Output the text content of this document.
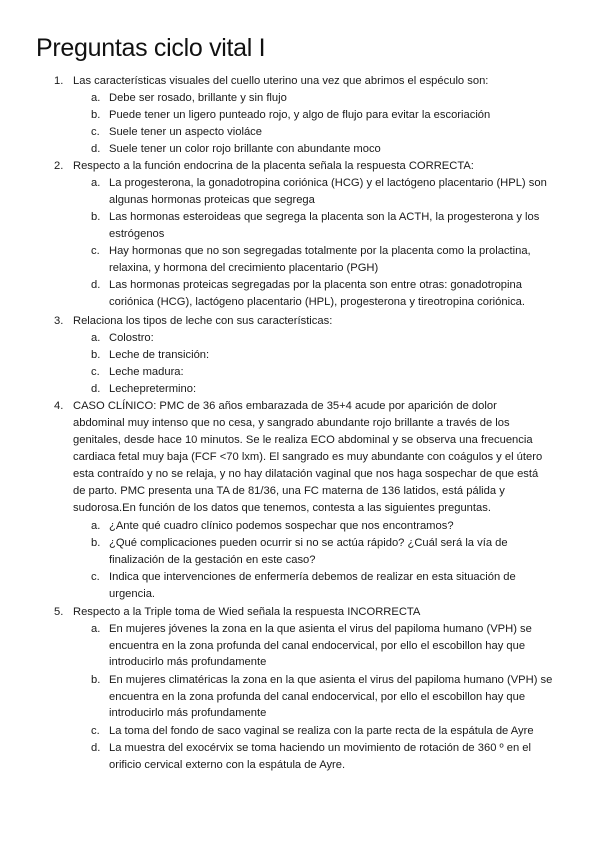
Preguntas ciclo vital I
1. Las características visuales del cuello uterino una vez que abrimos el espéculo son:
a. Debe ser rosado, brillante y sin flujo
b. Puede tener un ligero punteado rojo, y algo de flujo para evitar la escoriación
c. Suele tener un aspecto violáce
d. Suele tener un color rojo brillante con abundante moco
2. Respecto a la función endocrina de la placenta señala la respuesta CORRECTA:
a. La progesterona, la gonadotropina coriónica (HCG) y el lactógeno placentario (HPL) son algunas hormonas proteicas que segrega
b. Las hormonas esteroideas que segrega la placenta son la ACTH, la progesterona y los estrógenos
c. Hay hormonas que no son segregadas totalmente por la placenta como la prolactina, relaxina, y hormona del crecimiento placentario (PGH)
d. Las hormonas proteicas segregadas por la placenta son entre otras: gonadotropina coriónica (HCG), lactógeno placentario (HPL), progesterona y tireotropina coriónica.
3. Relaciona los tipos de leche con sus características:
a. Colostro:
b. Leche de transición:
c. Leche madura:
d. Lechepretermino:
4. CASO CLÍNICO: PMC de 36 años embarazada de 35+4 acude por aparición de dolor
abdominal muy intenso que no cesa, y sangrado abundante rojo brillante a través de los
genitales, desde hace 10 minutos. Se le realiza ECO abdominal y se observa una frecuencia
cardiaca fetal muy baja (FCF <70 lxm). El sangrado es muy abundante con coágulos y el útero
esta contraído y no se relaja, y no hay dilatación vaginal que nos haga sospechar de que está
de parto. PMC presenta una TA de 81/36, una FC materna de 136 latidos, está pálida y
sudorosa.En función de los datos que tenemos, contesta a las siguientes preguntas.
a. ¿Ante qué cuadro clínico podemos sospechar que nos encontramos?
b. ¿Qué complicaciones pueden ocurrir si no se actúa rápido? ¿Cuál será la vía de finalización de la gestación en este caso?
c. Indica que intervenciones de enfermería debemos de realizar en esta situación de urgencia.
5. Respecto a la Triple toma de Wied señala la respuesta INCORRECTA
a. En mujeres jóvenes la zona en la que asienta el virus del papiloma humano (VPH) se encuentra en la zona profunda del canal endocervical, por ello el escobillon hay que introducirlo más profundamente
b. En mujeres climatéricas la zona en la que asienta el virus del papiloma humano (VPH) se encuentra en la zona profunda del canal endocervical, por ello el escobillon hay que introducirlo más profundamente
c. La toma del fondo de saco vaginal se realiza con la parte recta de la espátula de Ayre
d. La muestra del exocérvix se toma haciendo un movimiento de rotación de 360 º en el orificio cervical externo con la espátula de Ayre.
